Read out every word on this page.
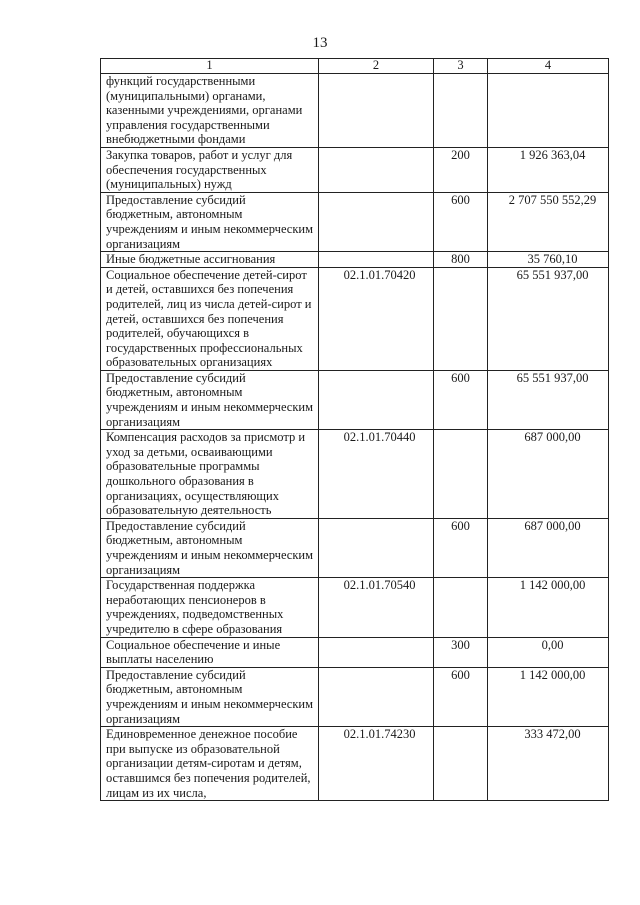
13
1	2	3	4
функций государственными (муниципальными) органами, казенными учреждениями, органами управления государственными внебюджетными фондами			
Закупка товаров, работ и услуг для обеспечения государственных (муниципальных) нужд		200	1 926 363,04
Предоставление субсидий бюджетным, автономным учреждениям и иным некоммерческим организациям		600	2 707 550 552,29
Иные бюджетные ассигнования		800	35 760,10
Социальное обеспечение детей-сирот и детей, оставшихся без попечения родителей, лиц из числа детей-сирот и детей, оставшихся без попечения родителей, обучающихся в государственных профессиональных образовательных организациях	02.1.01.70420		65 551 937,00
Предоставление субсидий бюджетным, автономным учреждениям и иным некоммерческим организациям		600	65 551 937,00
Компенсация расходов за присмотр и уход за детьми, осваивающими образовательные программы дошкольного образования в организациях, осуществляющих образовательную деятельность	02.1.01.70440		687 000,00
Предоставление субсидий бюджетным, автономным учреждениям и иным некоммерческим организациям		600	687 000,00
Государственная поддержка неработающих пенсионеров в учреждениях, подведомственных учредителю в сфере образования	02.1.01.70540		1 142 000,00
Социальное обеспечение и иные выплаты населению		300	0,00
Предоставление субсидий бюджетным, автономным учреждениям и иным некоммерческим организациям		600	1 142 000,00
Единовременное денежное пособие при выпуске из образовательной организации детям-сиротам и детям, оставшимся без попечения родителей, лицам из их числа,	02.1.01.74230		333 472,00
